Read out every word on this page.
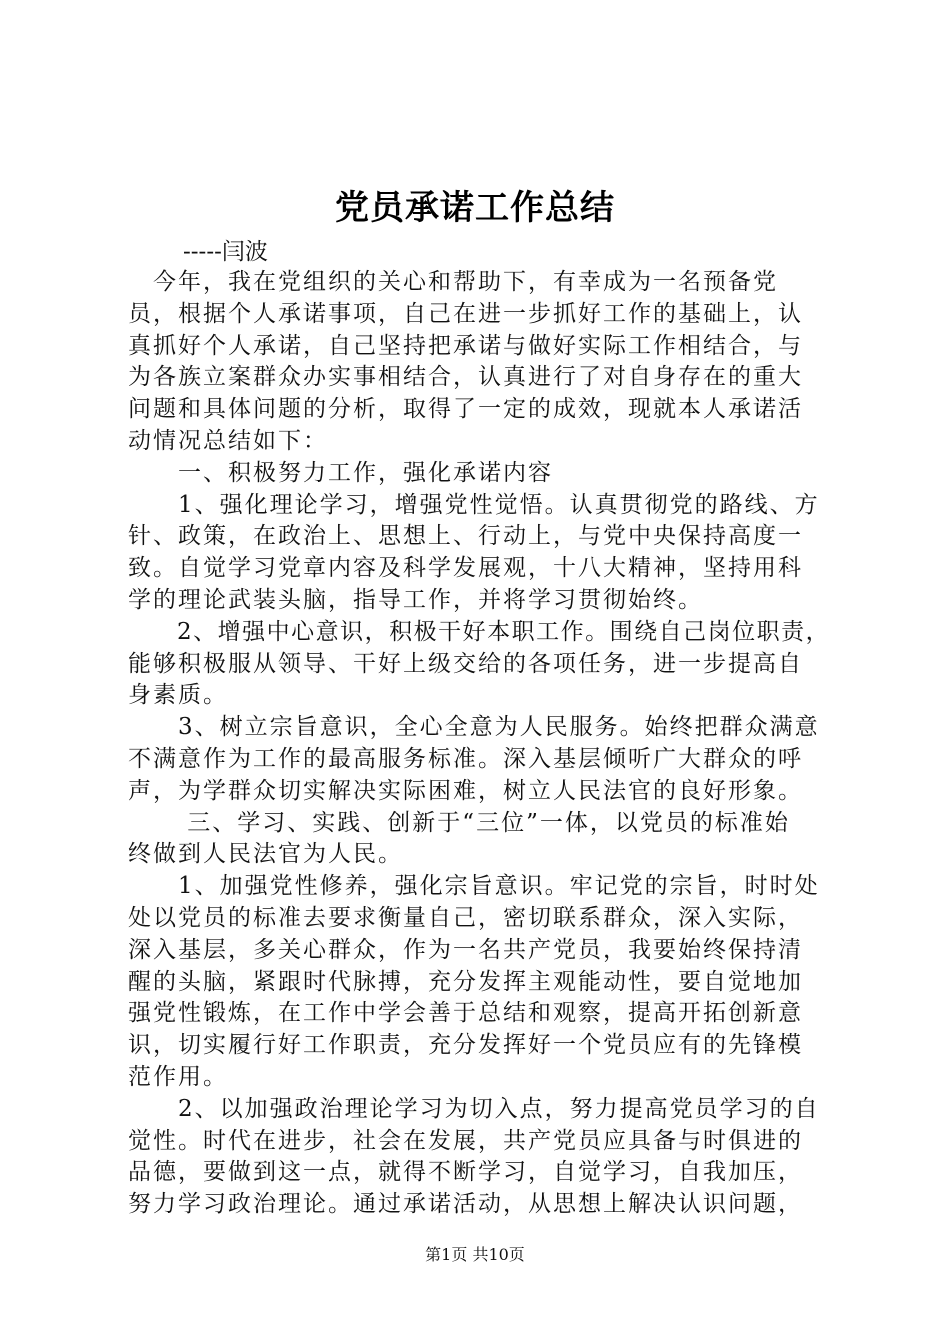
党员承诺工作总结
-----闫波
　今年，我在党组织的关心和帮助下，有幸成为一名预备党
员，根据个人承诺事项，自己在进一步抓好工作的基础上，认
真抓好个人承诺，自己坚持把承诺与做好实际工作相结合，与
为各族立案群众办实事相结合，认真进行了对自身存在的重大
问题和具体问题的分析，取得了一定的成效，现就本人承诺活
动情况总结如下：
　　一、积极努力工作，强化承诺内容
　　1、强化理论学习，增强党性觉悟。认真贯彻党的路线、方
针、政策，在政治上、思想上、行动上，与党中央保持高度一
致。自觉学习党章内容及科学发展观，十八大精神，坚持用科
学的理论武装头脑，指导工作，并将学习贯彻始终。
　　2、增强中心意识，积极干好本职工作。围绕自己岗位职责，
能够积极服从领导、干好上级交给的各项任务，进一步提高自
身素质。
　　3、树立宗旨意识，全心全意为人民服务。始终把群众满意
不满意作为工作的最高服务标准。深入基层倾听广大群众的呼
声，为学群众切实解决实际困难，树立人民法官的良好形象。
　　 三、学习、实践、创新于“三位”一体，以党员的标准始
终做到人民法官为人民。
　　1、加强党性修养，强化宗旨意识。牢记党的宗旨，时时处
处以党员的标准去要求衡量自己，密切联系群众，深入实际，
深入基层，多关心群众，作为一名共产党员，我要始终保持清
醒的头脑，紧跟时代脉搏，充分发挥主观能动性，要自觉地加
强党性锻炼，在工作中学会善于总结和观察，提高开拓创新意
识，切实履行好工作职责，充分发挥好一个党员应有的先锋模
范作用。
　　2、以加强政治理论学习为切入点，努力提高党员学习的自
觉性。时代在进步，社会在发展，共产党员应具备与时俱进的
品德，要做到这一点，就得不断学习，自觉学习，自我加压，
努力学习政治理论。通过承诺活动，从思想上解决认识问题，
第1页 共10页
